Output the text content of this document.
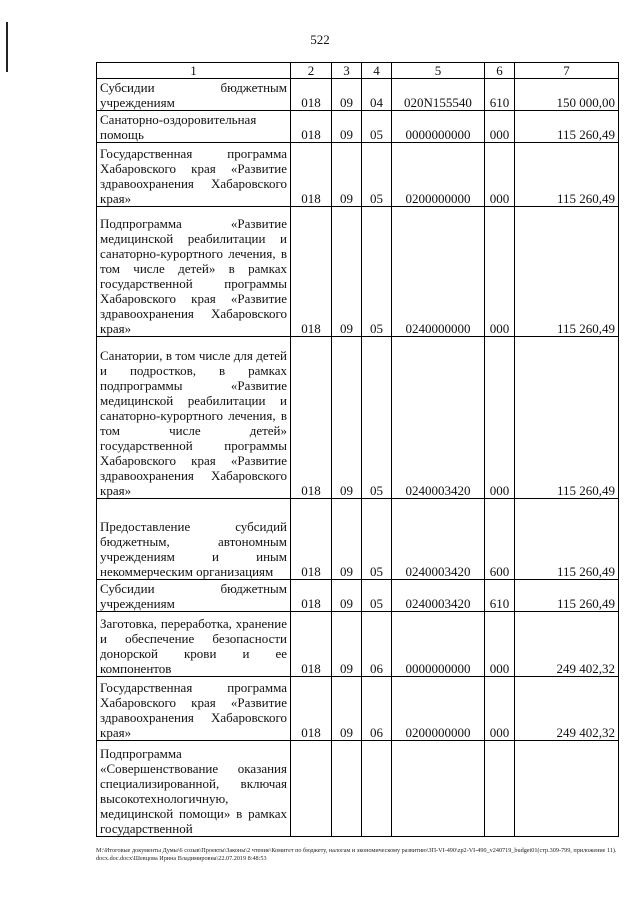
522
1	2	3	4	5	6	7
Субсидии бюджетным учреждениям	018	09	04	020N155540	610	150 000,00
Санаторно-оздоровительная помощь	018	09	05	0000000000	000	115 260,49
Государственная программа Хабаровского края «Развитие здравоохранения Хабаровского края»	018	09	05	0200000000	000	115 260,49
Подпрограмма «Развитие медицинской реабилитации и санаторно-курортного лечения, в том числе детей» в рамках государственной программы Хабаровского края «Развитие здравоохранения Хабаровского края»	018	09	05	0240000000	000	115 260,49
Санатории, в том числе для детей и подростков, в рамках подпрограммы «Развитие медицинской реабилитации и санаторно-курортного лечения, в том числе детей» государственной программы Хабаровского края «Развитие здравоохранения Хабаровского края»	018	09	05	0240003420	000	115 260,49
Предоставление субсидий бюджетным, автономным учреждениям и иным некоммерческим организациям	018	09	05	0240003420	600	115 260,49
Субсидии бюджетным учреждениям	018	09	05	0240003420	610	115 260,49
Заготовка, переработка, хранение и обеспечение безопасности донорской крови и ее компонентов	018	09	06	0000000000	000	249 402,32
Государственная программа Хабаровского края «Развитие здравоохранения Хабаровского края»	018	09	06	0200000000	000	249 402,32
Подпрограмма «Совершенствование оказания специализированной, включая высокотехнологичную, медицинской помощи» в рамках государственной						
M:\Итоговые документы Думы\6 созыв\Проекты\Законы\2 чтение\Комитет по бюджету, налогам и экономическому развитию\ЗП-VI-490\zp2-VI-490_v240719_budget01(стр.309-799, приложение 11).docx.doc.docx\Шевцова Ирина Владимировна\22.07.2019 8:48:53
